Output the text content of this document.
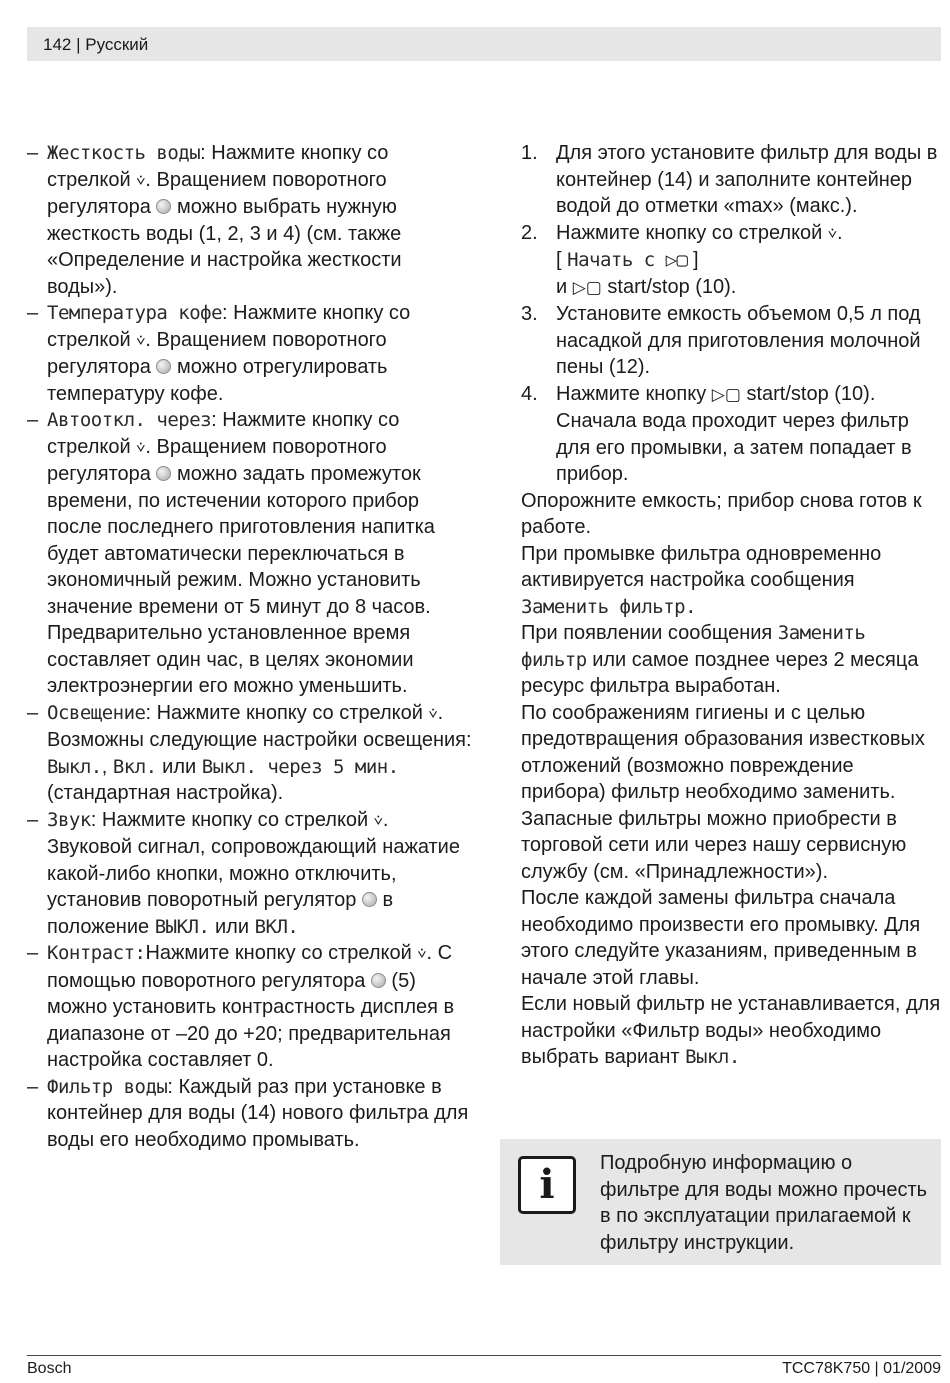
142 | Русский
– Жесткость воды: Нажмите кнопку со стрелкой ⩒. Вращением поворотного регулятора  можно выбрать нужную жесткость воды (1, 2, 3 и 4) (см. также «Определение и настройка жесткости воды»).
– Температура кофе: Нажмите кнопку со стрелкой ⩒. Вращением поворотного регулятора  можно отрегулировать температуру кофе.
– Автооткл. через: Нажмите кнопку со стрелкой ⩒. Вращением поворотного регулятора  можно задать промежуток времени, по истечении которого прибор после последнего приготовления напитка будет автоматически переключаться в экономичный режим. Можно установить значение времени от 5 минут до 8 часов. Предварительно установленное время составляет один час, в целях экономии электроэнергии его можно уменьшить.
– Освещение: Нажмите кнопку со стрелкой ⩒. Возможны следующие настройки освещения: Выкл., Вкл. или Выкл. через 5 мин. (стандартная настройка).
– Звук: Нажмите кнопку со стрелкой ⩒. Звуковой сигнал, сопровождающий нажатие какой-либо кнопки, можно отключить, установив поворотный регулятор  в положение ВЫКЛ. или ВКЛ.
– Контраст:Нажмите кнопку со стрелкой ⩒. С помощью поворотного регулятора  (5) можно установить контрастность дисплея в диапазоне от –20 до +20; предварительная настройка составляет 0.
– Фильтр воды: Каждый раз при установке в контейнер для воды (14) нового фильтра для воды его необходимо промывать.
1. Для этого установите фильтр для воды в контейнер (14) и заполните контейнер водой до отметки «max» (макс.).
2. Нажмите кнопку со стрелкой ⩒.
[ Начать с ▷▢ ]
и ▷▢ start/stop (10).
3. Установите емкость объемом 0,5 л под насадкой для приготовления молочной пены (12).
4. Нажмите кнопку ▷▢ start/stop (10). Сначала вода проходит через фильтр для его промывки, а затем попадает в прибор.

Опорожните емкость; прибор снова готов к работе.

При промывке фильтра одновременно активируется настройка сообщения Заменить фильтр.

При появлении сообщения Заменить фильтр или самое позднее через 2 месяца ресурс фильтра выработан.

По соображениям гигиены и с целью предотвращения образования известковых отложений (возможно повреждение прибора) фильтр необходимо заменить. Запасные фильтры можно приобрести в торговой сети или через нашу сервисную службу (см. «Принадлежности»).

После каждой замены фильтра сначала необходимо произвести его промывку. Для этого следуйте указаниям, приведенным в начале этой главы.

Если новый фильтр не устанавливается, для настройки «Фильтр воды» необходимо выбрать вариант Выкл.

i	Подробную информацию о фильтре для воды можно прочесть в по эксплуатации прилагаемой к фильтру инструкции.
Bosch	TCC78K750 | 01/2009
